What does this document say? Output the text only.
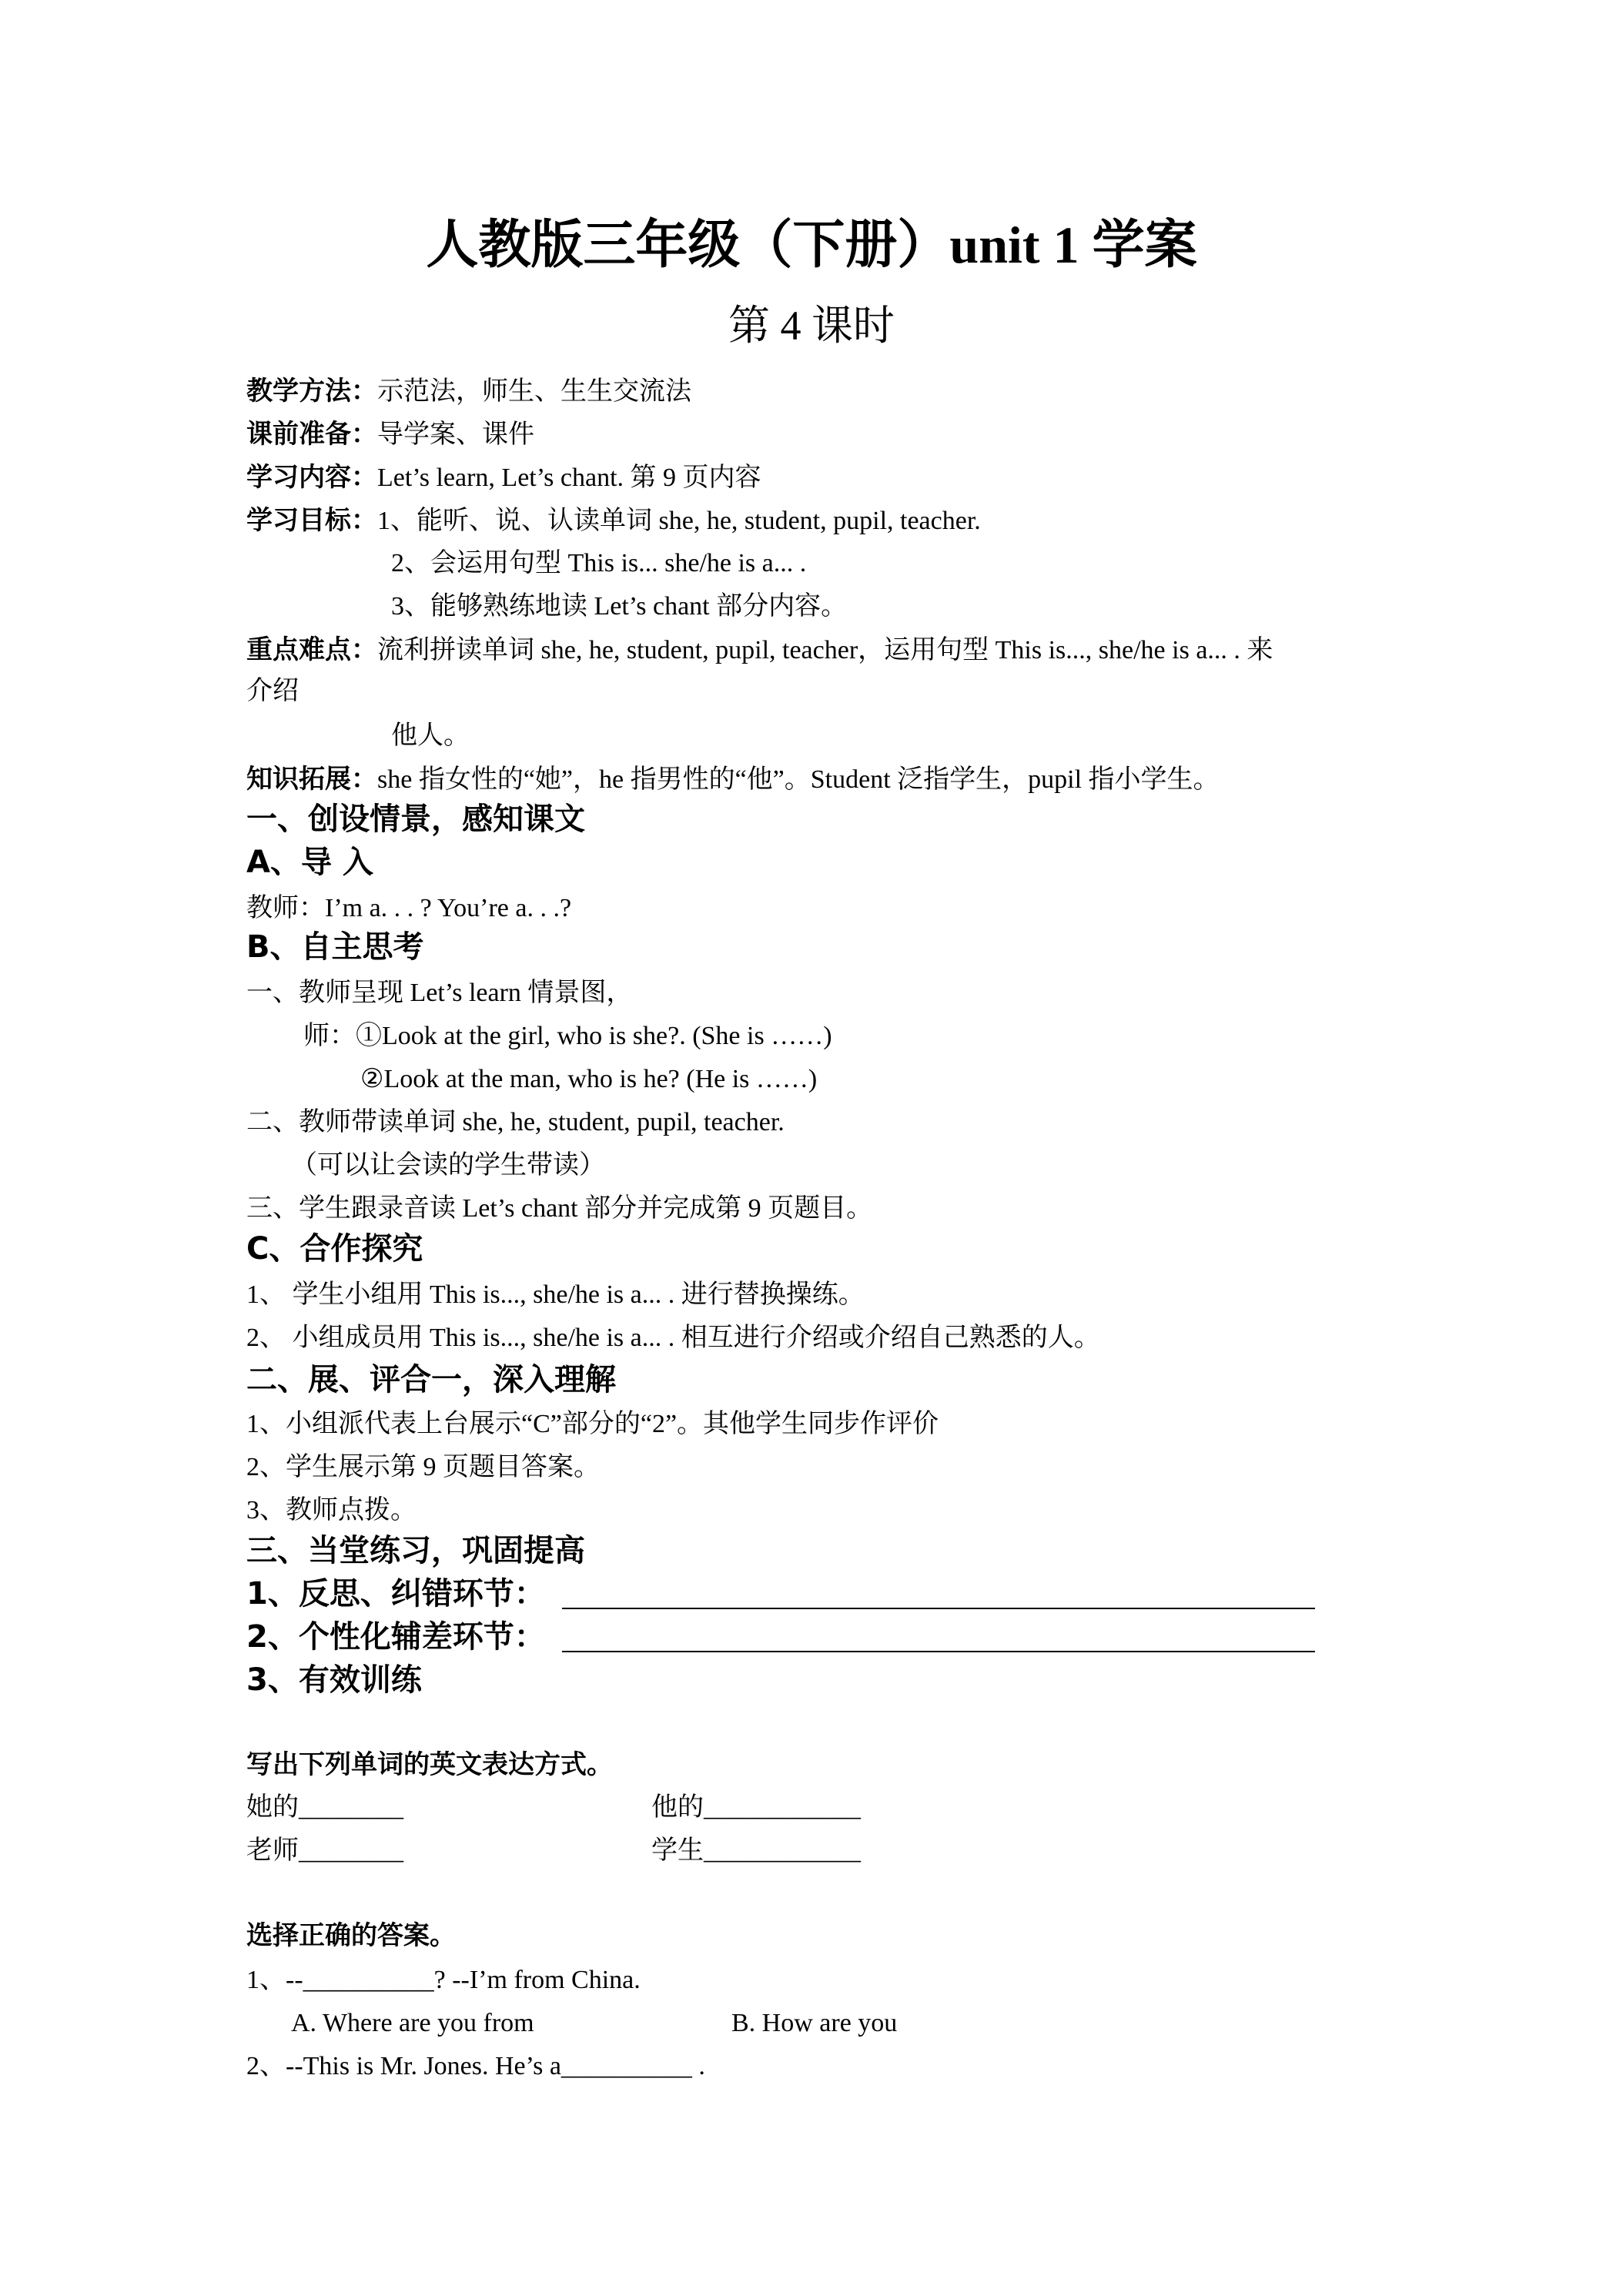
人教版三年级（下册）unit 1 学案
第 4 课时
教学方法：示范法，师生、生生交流法
课前准备：导学案、课件
学习内容：Let’s learn, Let’s chant. 第 9 页内容
学习目标：1、能听、说、认读单词 she, he, student, pupil, teacher.
2、会运用句型 This is... she/he is a... .
3、能够熟练地读 Let’s chant 部分内容。
重点难点：流利拼读单词 she, he, student, pupil, teacher，运用句型 This is..., she/he is a... . 来
介绍
他人。
知识拓展：she 指女性的“她”，he 指男性的“他”。Student 泛指学生，pupil 指小学生。
一、创设情景，感知课文
A、导 入
教师：I’m a. . . ? You’re a. . .?
B、自主思考
一、教师呈现 Let’s learn 情景图，
师：①Look at the girl, who is she?. (She is ……)
②Look at the man, who is he? (He is ……)
二、教师带读单词 she, he, student, pupil, teacher.
（可以让会读的学生带读）
三、学生跟录音读 Let’s chant 部分并完成第 9 页题目。
C、合作探究
1、 学生小组用 This is..., she/he is a... . 进行替换操练。
2、 小组成员用 This is..., she/he is a... . 相互进行介绍或介绍自己熟悉的人。
二、展、评合一，深入理解
1、小组派代表上台展示“C”部分的“2”。其他学生同步作评价
2、学生展示第 9 页题目答案。
3、教师点拨。
三、当堂练习，巩固提高
1、反思、纠错环节：
2、个性化辅差环节：
3、有效训练
写出下列单词的英文表达方式。
她的________	他的____________
老师________	学生____________
选择正确的答案。
1、--__________? --I’m from China.
A. Where are you from	B. How are you
2、--This is Mr. Jones. He’s a__________ .
